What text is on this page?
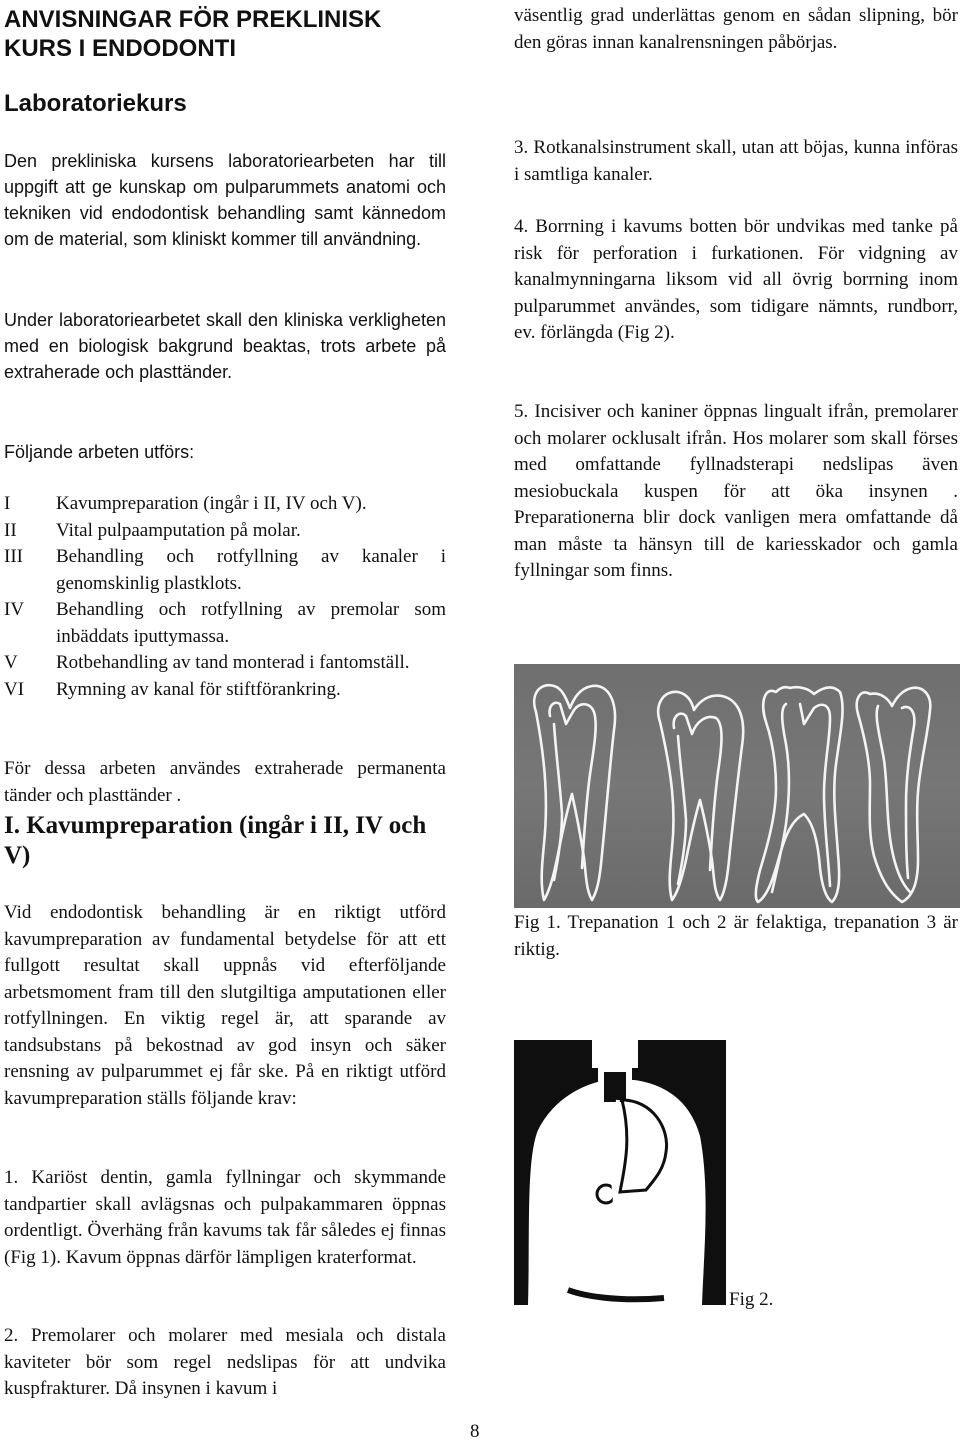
ANVISNINGAR FÖR PREKLINISK KURS I ENDODONTI
Laboratoriekurs

Den prekliniska kursens laboratoriearbeten har till uppgift att ge kunskap om pulparummets anatomi och tekniken vid endodontisk behandling samt kännedom om de material, som kliniskt kommer till användning.

Under laboratoriearbetet skall den kliniska verkligheten med en biologisk bakgrund beaktas, trots arbete på extraherade och plasttänder.

Följande arbeten utförs:

I	Kavumpreparation (ingår i II, IV och V).
II	Vital pulpaamputation på molar.
III	Behandling och rotfyllning av kanaler i genomskinlig plastklots.
IV	Behandling och rotfyllning av premolar som inbäddats iputtymassa.
V	Rotbehandling av tand monterad i fantomställ.
VI	Rymning av kanal för stiftförankring.

För dessa arbeten användes extraherade permanenta tänder och plasttänder .

I. Kavumpreparation (ingår i II, IV och V)

Vid endodontisk behandling är en riktigt utförd kavumpreparation av fundamental betydelse för att ett fullgott resultat skall uppnås vid efterföljande arbetsmoment fram till den slutgiltiga amputationen eller rotfyllningen. En viktig regel är, att sparande av tandsubstans på bekostnad av god insyn och säker rensning av pulparummet ej får ske. På en riktigt utförd kavumpreparation ställs följande krav:

1. Kariöst dentin, gamla fyllningar och skymmande tandpartier skall avlägsnas och pulpakammaren öppnas ordentligt. Överhäng från kavums tak får således ej finnas (Fig 1). Kavum öppnas därför lämpligen kraterformat.

2. Premolarer och molarer med mesiala och distala kaviteter bör som regel nedslipas för att undvika kuspfrakturer. Då insynen i kavum i

väsentlig grad underlättas genom en sådan slipning, bör den göras innan kanalrensningen påbörjas.

3. Rotkanalsinstrument skall, utan att böjas, kunna införas i samtliga kanaler.

4. Borrning i kavums botten bör undvikas med tanke på risk för perforation i furkationen. För vidgning av kanalmynningarna liksom vid all övrig borrning inom pulparummet användes, som tidigare nämnts, rundborr, ev. förlängda (Fig 2).

5. Incisiver och kaniner öppnas lingualt ifrån, premolarer och molarer ocklusalt ifrån. Hos molarer som skall förses med omfattande fyllnadsterapi nedslipas även mesiobuckala kuspen för att öka insynen . Preparationerna blir dock vanligen mera omfattande då man måste ta hänsyn till de kariesskador och gamla fyllningar som finns.

Fig 1. Trepanation 1 och 2 är felaktiga, trepanation 3 är riktig.

Fig 2.
8
